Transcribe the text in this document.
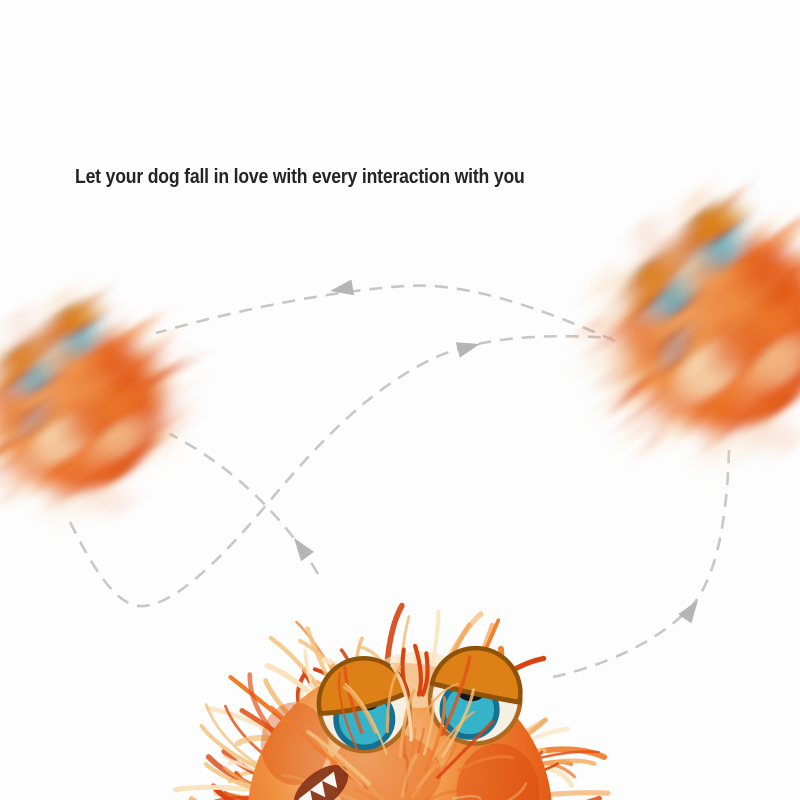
Let your dog fall in love with every interaction with you
